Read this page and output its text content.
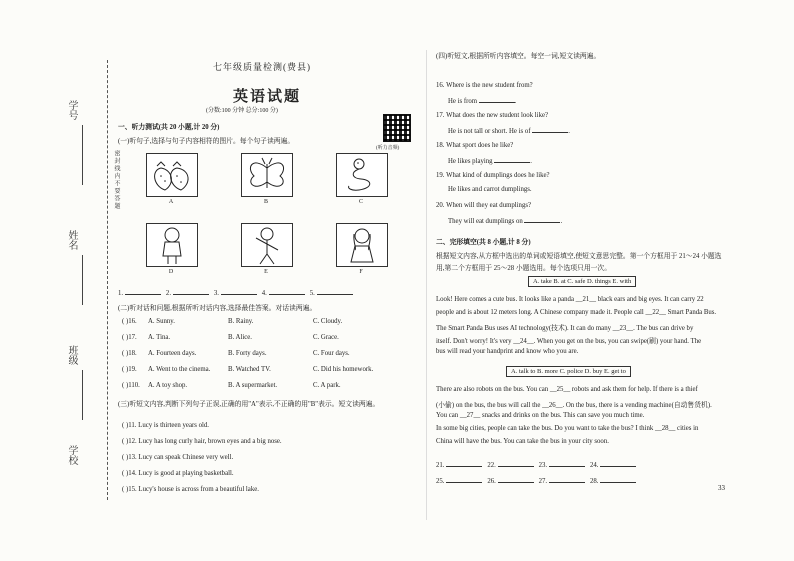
学号
姓名
班级
学校
密 封 线 内 不 要 答 题
七年级质量检测(费县)
英语试题
(分数:100 分钟 总分:100 分)
(听力音频)
一、听力测试(共 20 小题,计 20 分)
(一)听句子,选择与句子内容相符的图片。每个句子读两遍。
A	B	C
D	E	F
1.	2.	3.	4.	5.
(二)听对话和问题,根据所听对话内容,选择最佳答案。对话读两遍。
( )16. A. Sunny.	B. Rainy.	C. Cloudy.
( )17. A. Tina.	B. Alice.	C. Grace.
( )18. A. Fourteen days.	B. Forty days.	C. Four days.
( )19. A. Went to the cinema.	B. Watched TV.	C. Did his homework.
( )110. A. A toy shop.	B. A supermarket.	C. A park.
(三)听短文内容,判断下列句子正误,正确的用"A"表示,不正确的用"B"表示。短文读两遍。
( )11. Lucy is thirteen years old.
( )12. Lucy has long curly hair, brown eyes and a big nose.
( )13. Lucy can speak Chinese very well.
( )14. Lucy is good at playing basketball.
( )15. Lucy's house is across from a beautiful lake.
(四)听短文,根据所听内容填空。每空一词,短文读两遍。
16. Where is the new student from?
He is from	.
17. What does the new student look like?
He is not tall or short. He is of	.
18. What sport does he like?
He likes playing	.
19. What kind of dumplings does he like?
He likes and carrot dumplings.
20. When will they eat dumplings?
They will eat dumplings on	.
二、完形填空(共 8 小题,计 8 分)
根据短文内容,从方框中选出的单词或短语填空,使短文意思完整。第一个方框用于 21～24 小题选
用,第二个方框用于 25～28 小题选用。每个选项只用一次。
A. take B. at C. safe D. things E. with
Look! Here comes a cute bus. It looks like a panda __21__ black ears and big eyes. It can carry 22
people and is about 12 meters long. A Chinese company made it. People call __22__ Smart Panda Bus.
The Smart Panda Bus uses AI technology(技术). It can do many __23__. The bus can drive by
itself. Don't worry! It's very __24__. When you get on the bus, you can swipe(刷) your hand. The
bus will read your handprint and know who you are.
A. talk to B. more C. police D. buy E. get to
There are also robots on the bus. You can __25__ robots and ask them for help. If there is a thief
(小偷) on the bus, the bus will call the __26__. On the bus, there is a vending machine(自动售货机).
You can __27__ snacks and drinks on the bus. This can save you much time.
In some big cities, people can take the bus. Do you want to take the bus? I think __28__ cities in
China will have the bus. You can take the bus in your city soon.
21.	22.	23.	24.
25.	26.	27.	28.
33
